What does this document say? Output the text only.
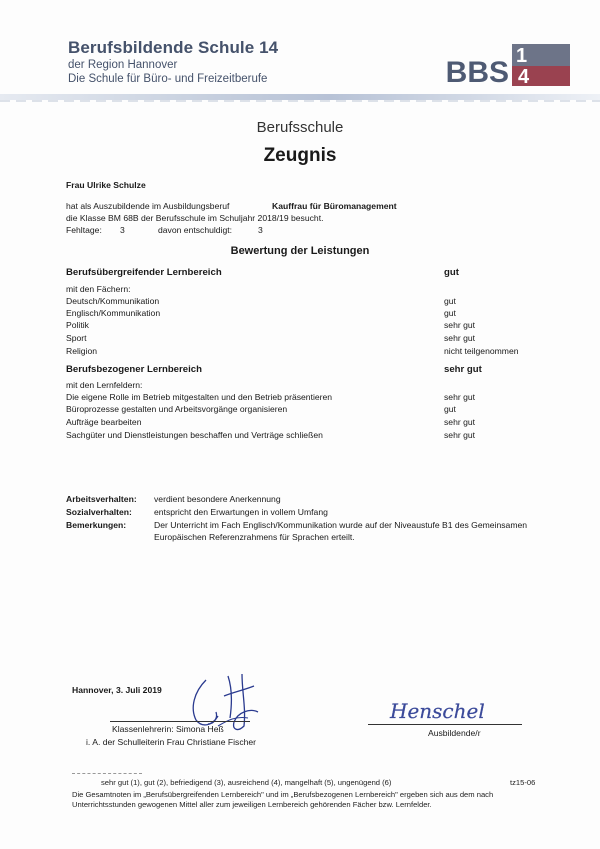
Berufsbildende Schule 14
der Region Hannover
Die Schule für Büro- und Freizeitberufe	BBS 1
4
Berufsschule
Zeugnis
Frau Ulrike Schulze
hat als Auszubildende im Ausbildungsberuf	Kauffrau für Büromanagement
die Klasse BM 68B der Berufsschule im Schuljahr 2018/19 besucht.
Fehltage: 3	davon entschuldigt:	3
Bewertung der Leistungen
Berufsübergreifender Lernbereich	gut
mit den Fächern:
Deutsch/Kommunikation	gut
Englisch/Kommunikation	gut
Politik	sehr gut
Sport	sehr gut
Religion	nicht teilgenommen
Berufsbezogener Lernbereich	sehr gut
mit den Lernfeldern:
Die eigene Rolle im Betrieb mitgestalten und den Betrieb präsentieren	sehr gut
Büroprozesse gestalten und Arbeitsvorgänge organisieren	gut
Aufträge bearbeiten	sehr gut
Sachgüter und Dienstleistungen beschaffen und Verträge schließen	sehr gut
Arbeitsverhalten: verdient besondere Anerkennung
Sozialverhalten:	entspricht den Erwartungen in vollem Umfang
Bemerkungen:	Der Unterricht im Fach Englisch/Kommunikation wurde auf der Niveaustufe B1 des Gemeinsamen
Europäischen Referenzrahmens für Sprachen erteilt.
Hannover, 3. Juli 2019
Klassenlehrerin: Simona Heß
i. A. der Schulleiterin Frau Christiane Fischer
Henschel
Ausbildende/r
sehr gut (1), gut (2), befriedigend (3), ausreichend (4), mangelhaft (5), ungenügend (6)	tz15-06
Die Gesamtnoten im „Berufsübergreifenden Lernbereich" und im „Berufsbezogenen Lernbereich" ergeben sich aus dem nach
Unterrichtsstunden gewogenen Mittel aller zum jeweiligen Lernbereich gehörenden Fächer bzw. Lernfelder.
